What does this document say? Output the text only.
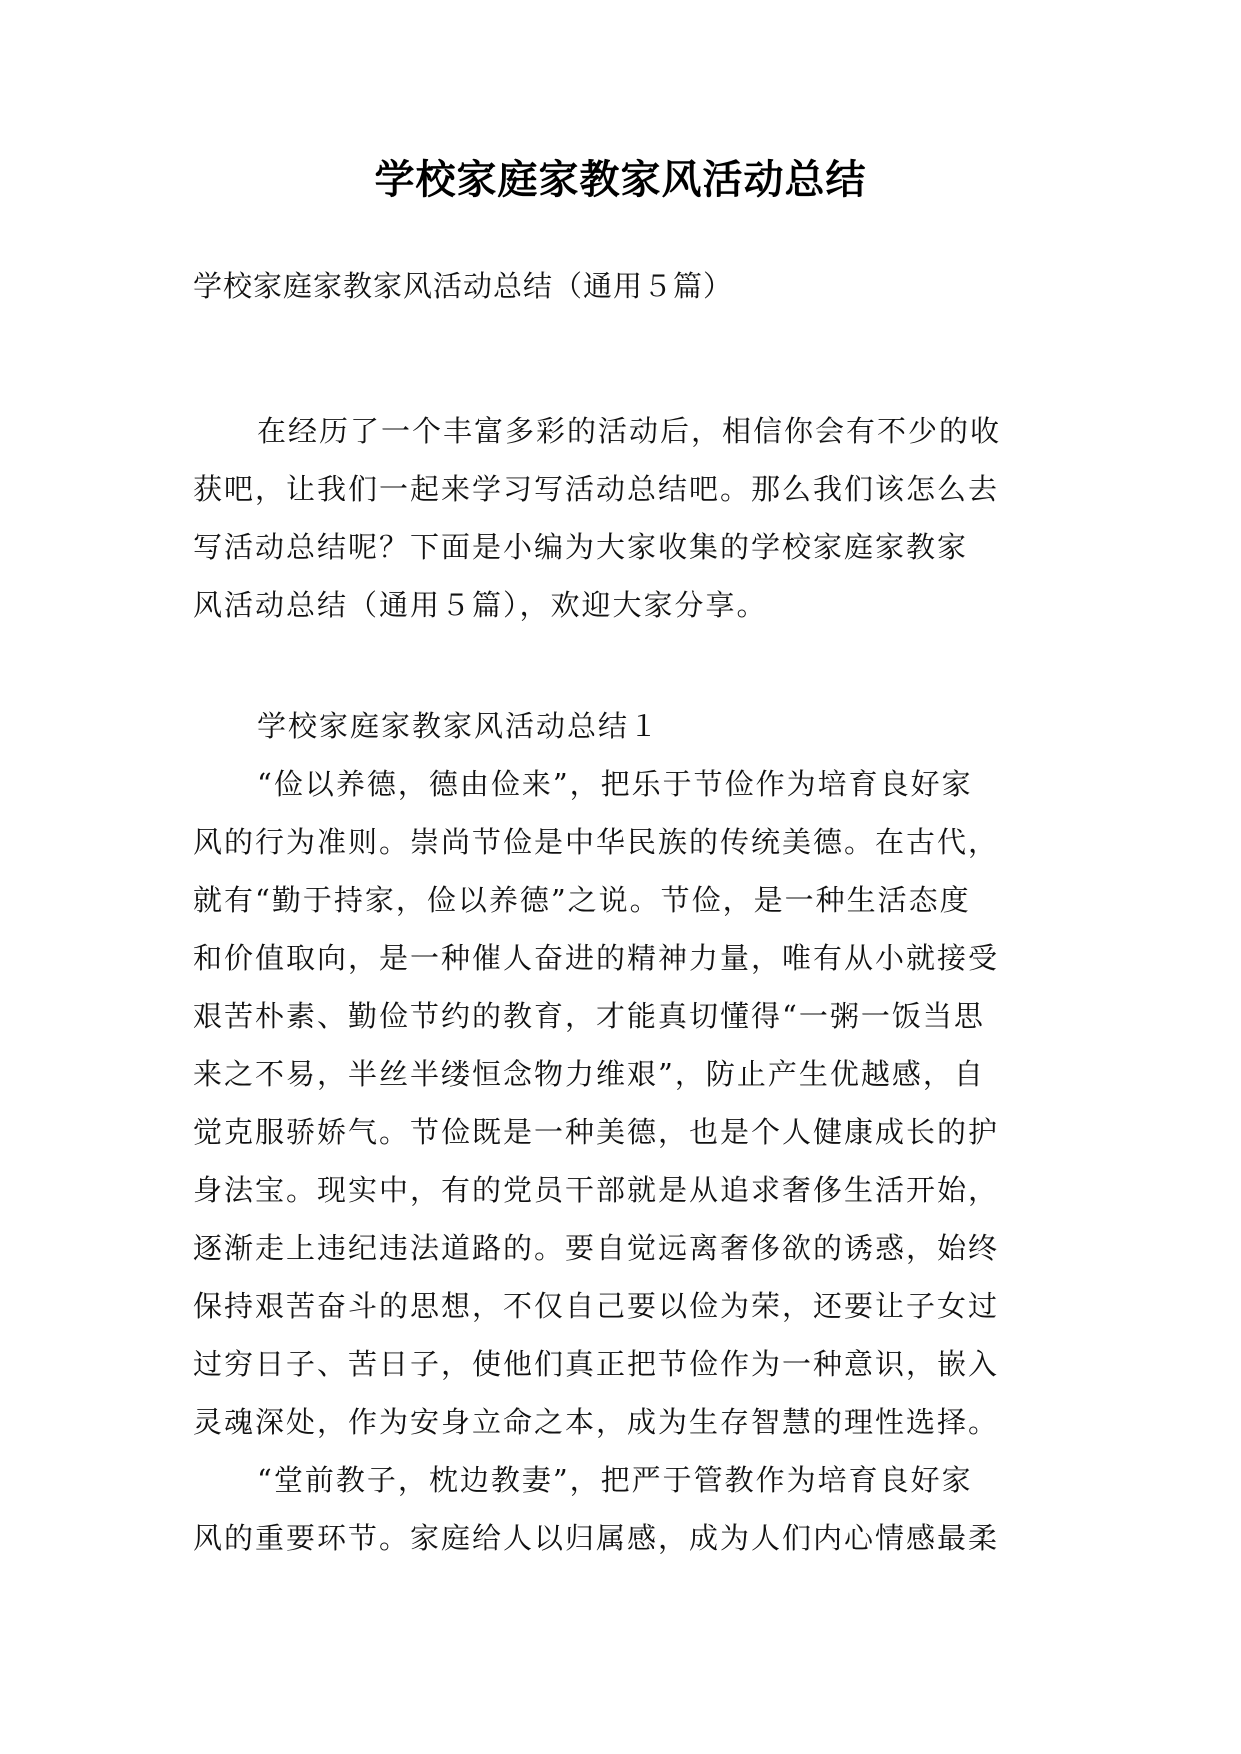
学校家庭家教家风活动总结
学校家庭家教家风活动总结（通用５篇）
在经历了一个丰富多彩的活动后，相信你会有不少的收
获吧，让我们一起来学习写活动总结吧。那么我们该怎么去
写活动总结呢？下面是小编为大家收集的学校家庭家教家
风活动总结（通用５篇），欢迎大家分享。
学校家庭家教家风活动总结１
“俭以养德，德由俭来”，把乐于节俭作为培育良好家
风的行为准则。崇尚节俭是中华民族的传统美德。在古代，
就有“勤于持家，俭以养德”之说。节俭，是一种生活态度
和价值取向，是一种催人奋进的精神力量，唯有从小就接受
艰苦朴素、勤俭节约的教育，才能真切懂得“一粥一饭当思
来之不易，半丝半缕恒念物力维艰”，防止产生优越感，自
觉克服骄娇气。节俭既是一种美德，也是个人健康成长的护
身法宝。现实中，有的党员干部就是从追求奢侈生活开始，
逐渐走上违纪违法道路的。要自觉远离奢侈欲的诱惑，始终
保持艰苦奋斗的思想，不仅自己要以俭为荣，还要让子女过
过穷日子、苦日子，使他们真正把节俭作为一种意识，嵌入
灵魂深处，作为安身立命之本，成为生存智慧的理性选择。
“堂前教子，枕边教妻”，把严于管教作为培育良好家
风的重要环节。家庭给人以归属感，成为人们内心情感最柔
